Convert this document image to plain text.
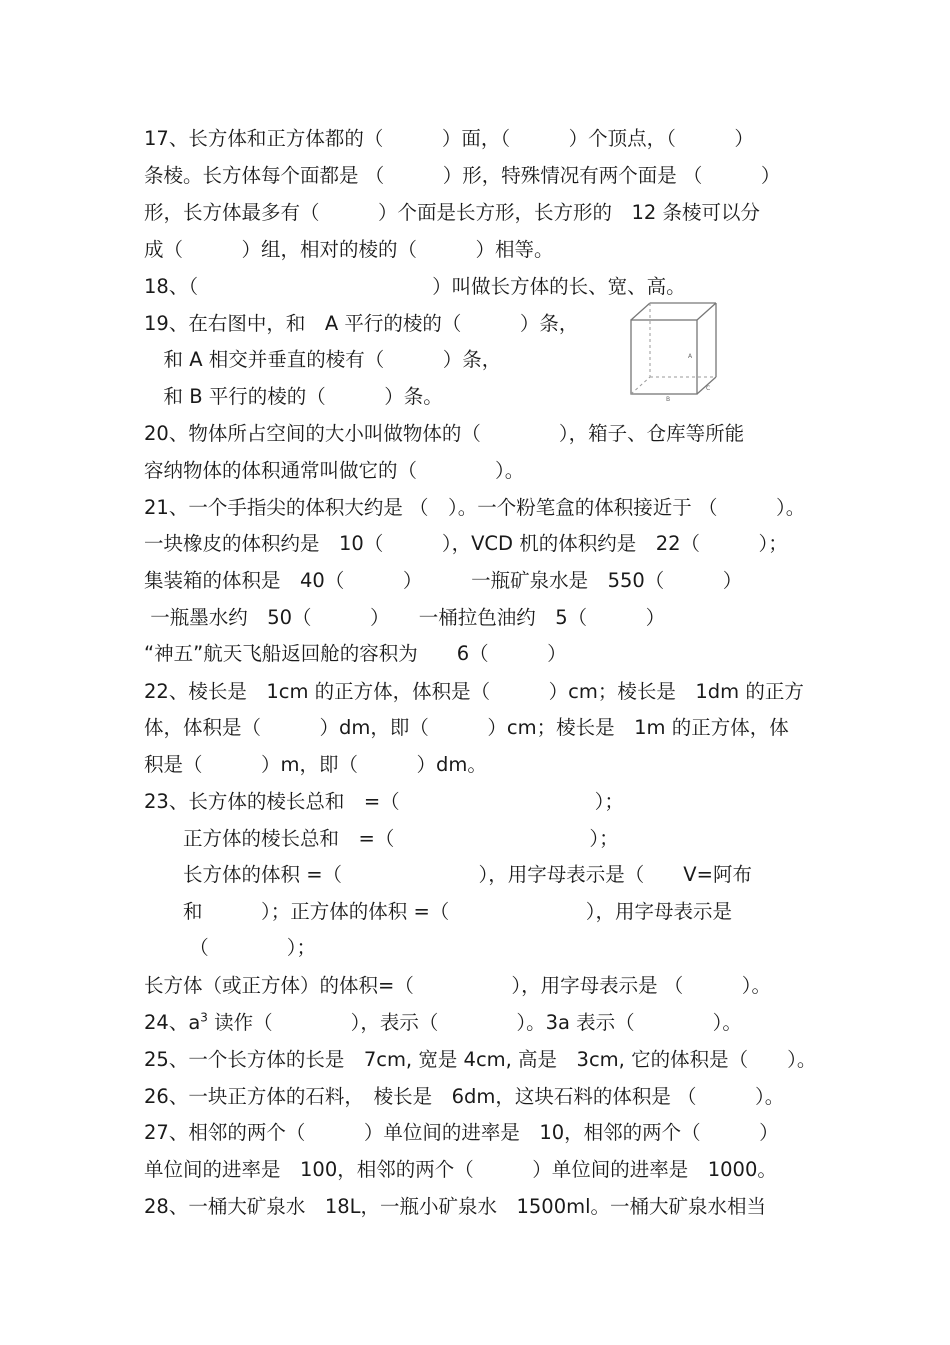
17、长方体和正方体都的（　　　）面，（　　　）个顶点，（　　　）
条棱。长方体每个面都是 （　　　）形，特殊情况有两个面是 （　　　）
形，长方体最多有（　　　）个面是长方形，长方形的　12 条棱可以分
成（　　　）组，相对的棱的（　　　）相等。
18、（　　　　　　　　　　　　）叫做长方体的长、宽、高。
19、在右图中，和　A 平行的棱的（　　　）条，
　和 A 相交并垂直的棱有（　　　）条，
　和 B 平行的棱的（　　　）条。
20、物体所占空间的大小叫做物体的（　　　　），箱子、仓库等所能
容纳物体的体积通常叫做它的（　　　　）。
21、一个手指尖的体积大约是 （　）。一个粉笔盒的体积接近于 （　　　）。
一块橡皮的体积约是　10（　　　），VCD 机的体积约是　22（　　　）；
集装箱的体积是　40（　　　）　　　一瓶矿泉水是　550（　　　）
一瓶墨水约　50（　　　）　　一桶拉色油约　5（　　　）
“神五”航天飞船返回舱的容积为　　6（　　　）
22、棱长是　1cm 的正方体，体积是（　　　）cm；棱长是　1dm 的正方
体，体积是（　　　）dm，即（　　　）cm；棱长是　1m 的正方体，体
积是（　　　）m，即（　　　）dm。
23、长方体的棱长总和　=（　　　　　　　　　　）；
　　正方体的棱长总和　=（　　　　　　　　　　）；
　　长方体的体积 =（　　　　　　　），用字母表示是（　　V=阿布
　　和　　　）；正方体的体积 =（　　　　　　　），用字母表示是
　　 （　　　　）；
长方体（或正方体）的体积=（　　　　　），用字母表示是 （　　　）。
24、$a^3$ 读作（　　　　），表示（　　　　）。3a 表示（　　　　）。
25、一个长方体的长是　7cm, 宽是 4cm, 高是　3cm, 它的体积是（　　）。
26、一块正方体的石料，　棱长是　6dm，这块石料的体积是 （　　　）。
27、相邻的两个（　　　）单位间的进率是　10，相邻的两个（　　　）
单位间的进率是　100，相邻的两个（　　　）单位间的进率是　1000。
28、一桶大矿泉水　18L，一瓶小矿泉水　1500ml。一桶大矿泉水相当
A
B
C
